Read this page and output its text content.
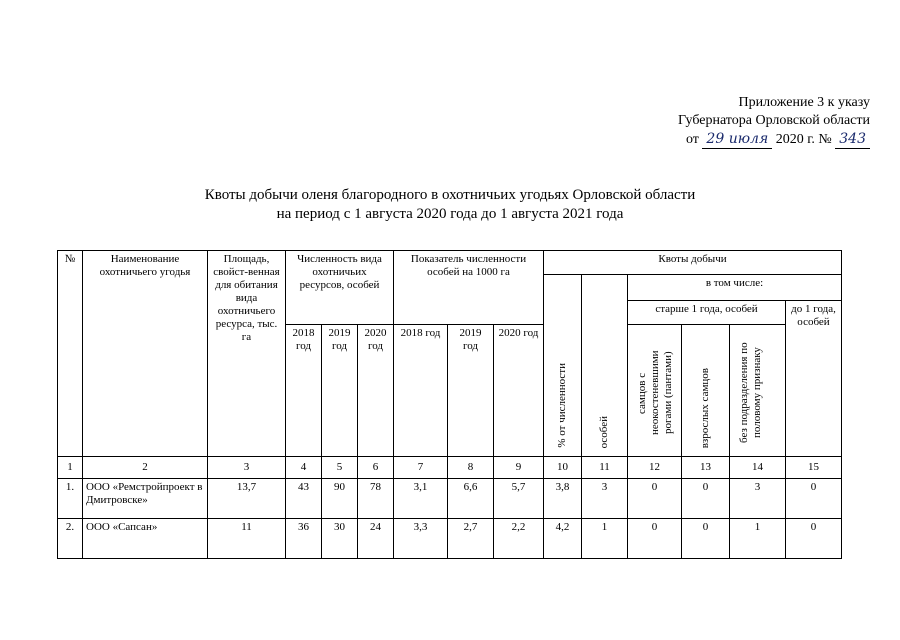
Приложение 3 к указу
Губернатора Орловской области
от 29 июля 2020 г. № 343
Квоты добычи оленя благородного в охотничьих угодьях Орловской области
на период с 1 августа 2020 года до 1 августа 2021 года
№	Наименование охотничьего угодья	Площадь, свойст-венная для обитания вида охотничьего ресурса, тыс. га	Численность вида охотничьих ресурсов, особей			Показатель численности особей на 1000 га			Квоты добычи					

									% от численности	особей	в том числе:			
											старше 1 года, особей			до 1 года, особей
			2018 год	2019 год	2020 год	2018 год	2019 год	2020 год			самцов с неокостеневшими рогами (пантами)	взрослых самцов	без подразделения по половому признаку	

1	2	3	4	5	6	7	8	9	10	11	12	13	14	15
1.	ООО «Ремстройпроект в Дмитровске»	13,7	43	90	78	3,1	6,6	5,7	3,8	3	0	0	3	0
2.	ООО «Сапсан»	11	36	30	24	3,3	2,7	2,2	4,2	1	0	0	1	0
